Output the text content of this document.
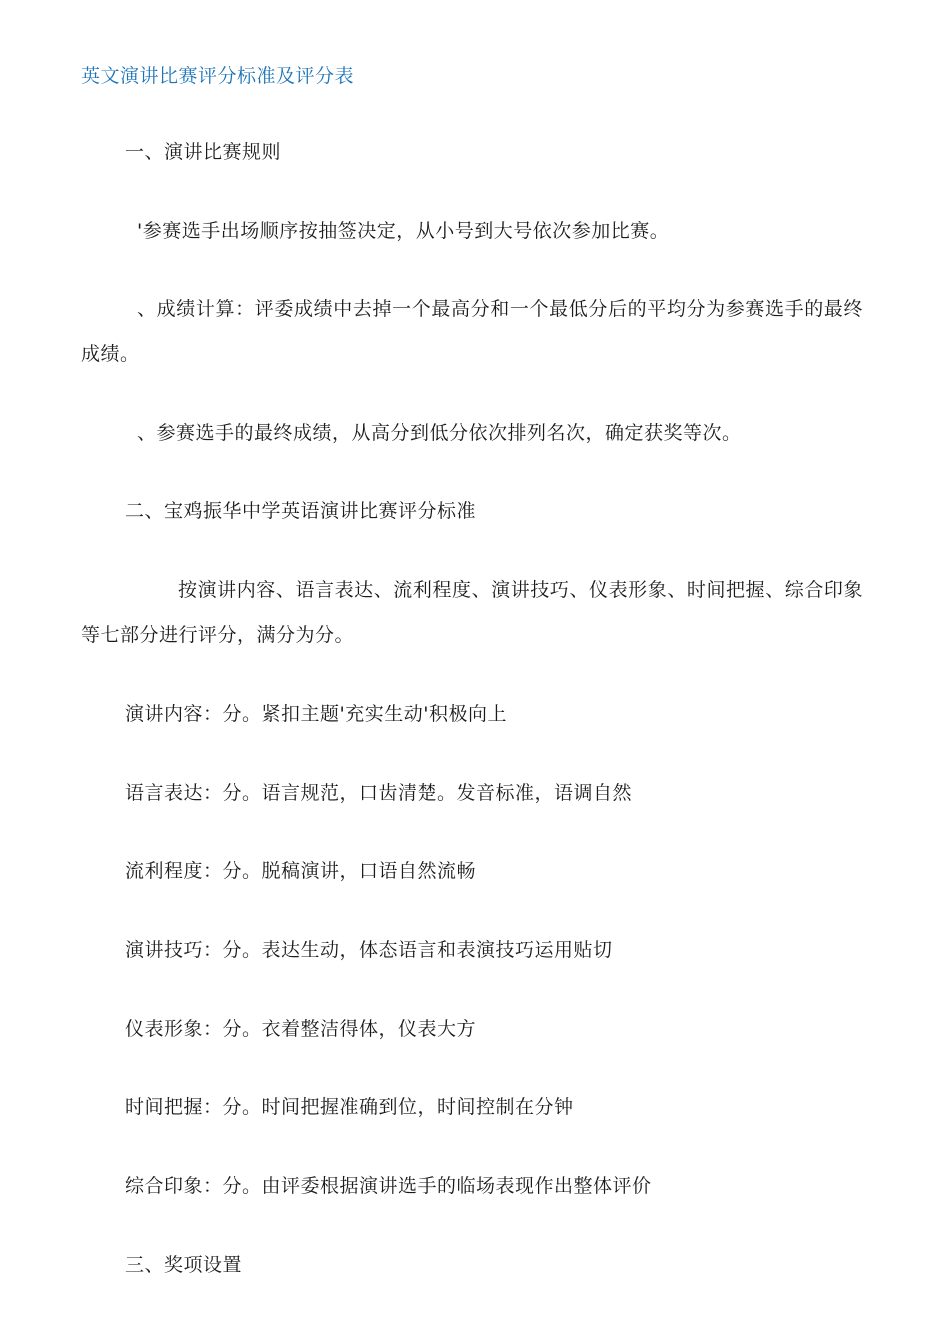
英文演讲比赛评分标准及评分表
一、演讲比赛规则
'参赛选手出场顺序按抽签决定，从小号到大号依次参加比赛。
、成绩计算：评委成绩中去掉一个最高分和一个最低分后的平均分为参赛选手的最终成绩。
、参赛选手的最终成绩，从高分到低分依次排列名次，确定获奖等次。
二、宝鸡振华中学英语演讲比赛评分标准
按演讲内容、语言表达、流利程度、演讲技巧、仪表形象、时间把握、综合印象等七部分进行评分，满分为分。
演讲内容：分。紧扣主题'充实生动'积极向上
语言表达：分。语言规范，口齿清楚。发音标准，语调自然
流利程度：分。脱稿演讲，口语自然流畅
演讲技巧：分。表达生动，体态语言和表演技巧运用贴切
仪表形象：分。衣着整洁得体，仪表大方
时间把握：分。时间把握准确到位，时间控制在分钟
综合印象：分。由评委根据演讲选手的临场表现作出整体评价
三、奖项设置
